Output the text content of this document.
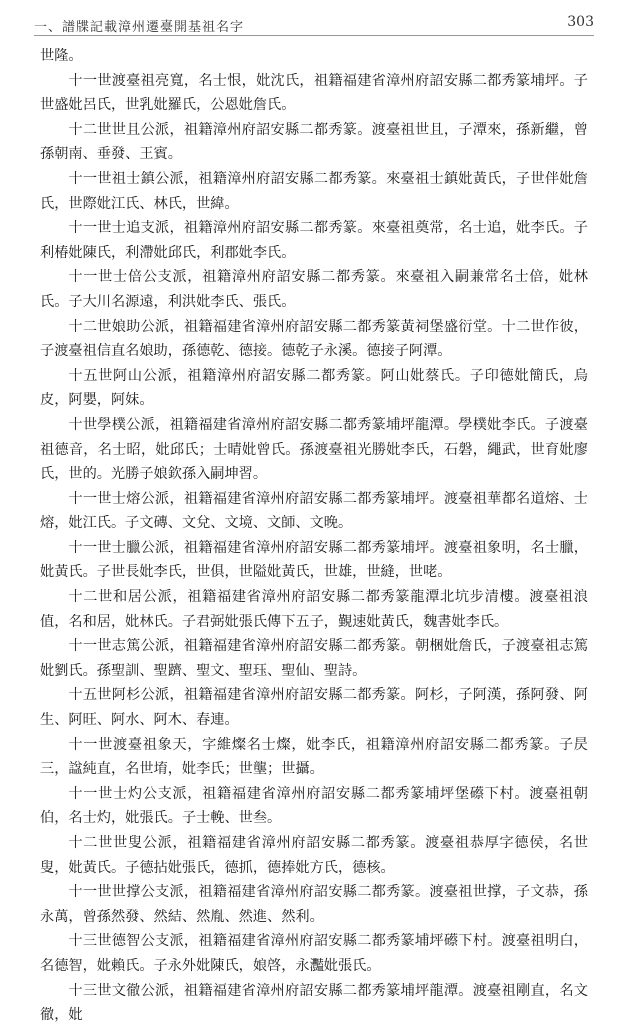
一、譜牒記載漳州遷臺開基祖名字	303

世隆。

十一世渡臺祖亮寬，名士恨，妣沈氏，祖籍福建省漳州府詔安縣二都秀篆埔坪。子世盛妣呂氏，世乳妣羅氏，公恩妣詹氏。

十二世世且公派，祖籍漳州府詔安縣二都秀篆。渡臺祖世且，子潭來，孫新繼，曾孫朝南、垂發、王賓。

十一世祖士鎮公派，祖籍漳州府詔安縣二都秀篆。來臺祖士鎮妣黃氏，子世伴妣詹氏，世際妣江氏、林氏，世緯。

十一世士追支派，祖籍漳州府詔安縣二都秀篆。來臺祖奠常，名士追，妣李氏。子利椿妣陳氏，利滯妣邱氏，利郡妣李氏。

十一世士倍公支派，祖籍漳州府詔安縣二都秀篆。來臺祖入嗣兼常名士倍，妣林氏。子大川名源遠，利洪妣李氏、張氏。

十二世娘助公派，祖籍福建省漳州府詔安縣二都秀篆黃祠堡盛衍堂。十二世作彼，子渡臺祖信直名娘助，孫德乾、德接。德乾子永溪。德接子阿潭。

十五世阿山公派，祖籍漳州府詔安縣二都秀篆。阿山妣蔡氏。子印德妣簡氏，烏皮，阿嬰，阿妹。

十世學樸公派，祖籍福建省漳州府詔安縣二都秀篆埔坪龍潭。學樸妣李氏。子渡臺祖德音，名士昭，妣邱氏；士晴妣曾氏。孫渡臺祖光勝妣李氏，石磐，繩武，世育妣廖氏，世的。光勝子娘欽孫入嗣坤習。

十一世士熔公派，祖籍福建省漳州府詔安縣二都秀篆埔坪。渡臺祖華都名道熔、士熔，妣江氏。子文磚、文兌、文境、文師、文晚。

十一世士臘公派，祖籍福建省漳州府詔安縣二都秀篆埔坪。渡臺祖象明，名士臘，妣黃氏。子世長妣李氏，世俱，世隘妣黃氏，世雄，世縫，世咾。

十二世和居公派，祖籍福建省漳州府詔安縣二都秀篆龍潭北坑步清樓。渡臺祖浪值，名和居，妣林氏。子君弼妣張氏傳下五子，覲速妣黃氏，魏書妣李氏。

十一世志篤公派，祖籍福建省漳州府詔安縣二都秀篆。朝梱妣詹氏，子渡臺祖志篤妣劉氏。孫聖訓、聖躋、聖文、聖珏、聖仙、聖詩。

十五世阿杉公派，祖籍福建省漳州府詔安縣二都秀篆。阿杉，子阿漢，孫阿發、阿生、阿旺、阿水、阿木、春連。

十一世渡臺祖象天，字維燦名士燦，妣李氏，祖籍漳州府詔安縣二都秀篆。子昃三，諡純直，名世堉，妣李氏；世壟；世攝。

十一世士灼公支派，祖籍福建省漳州府詔安縣二都秀篆埔坪堡礤下村。渡臺祖朝伯，名士灼，妣張氏。子士輓、世叁。

十二世世叟公派，祖籍福建省漳州府詔安縣二都秀篆。渡臺祖恭厚字德侯，名世叟，妣黃氏。子德拈妣張氏，德抓，德捧妣方氏，德核。

十一世世撑公支派，祖籍福建省漳州府詔安縣二都秀篆。渡臺祖世撑，子文恭，孫永萬，曾孫然發、然結、然胤、然進、然利。

十三世德智公支派，祖籍福建省漳州府詔安縣二都秀篆埔坪礤下村。渡臺祖明白，名德智，妣賴氏。子永外妣陳氏，娘啓，永灩妣張氏。

十三世文徹公派，祖籍福建省漳州府詔安縣二都秀篆埔坪龍潭。渡臺祖剛直，名文徹，妣
